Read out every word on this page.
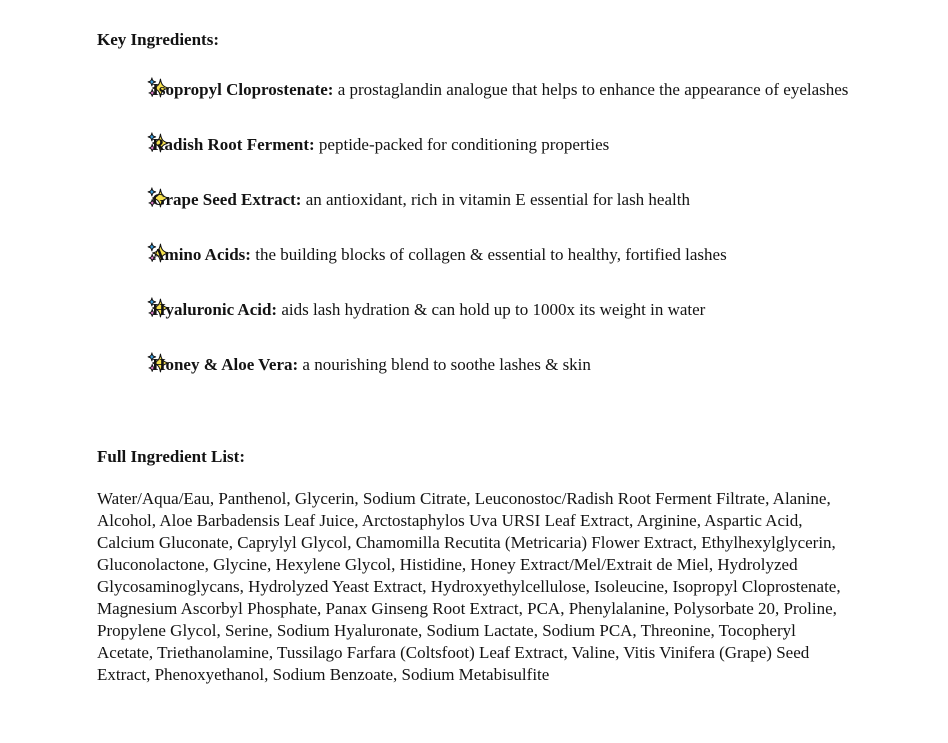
Key Ingredients:

Isopropyl Cloprostenate: a prostaglandin analogue that helps to enhance the appearance of eyelashes

Radish Root Ferment: peptide-packed for conditioning properties

Grape Seed Extract: an antioxidant, rich in vitamin E essential for lash health

Amino Acids: the building blocks of collagen & essential to healthy, fortified lashes

Hyaluronic Acid: aids lash hydration & can hold up to 1000x its weight in water

Honey & Aloe Vera: a nourishing blend to soothe lashes & skin

Full Ingredient List:

Water/Aqua/Eau, Panthenol, Glycerin, Sodium Citrate, Leuconostoc/Radish Root Ferment Filtrate, Alanine, Alcohol, Aloe Barbadensis Leaf Juice, Arctostaphylos Uva URSI Leaf Extract, Arginine, Aspartic Acid, Calcium Gluconate, Caprylyl Glycol, Chamomilla Recutita (Metricaria) Flower Extract, Ethylhexylglycerin, Gluconolactone, Glycine, Hexylene Glycol, Histidine, Honey Extract/Mel/Extrait de Miel, Hydrolyzed Glycosaminoglycans, Hydrolyzed Yeast Extract, Hydroxyethylcellulose, Isoleucine, Isopropyl Cloprostenate, Magnesium Ascorbyl Phosphate, Panax Ginseng Root Extract, PCA, Phenylalanine, Polysorbate 20, Proline, Propylene Glycol, Serine, Sodium Hyaluronate, Sodium Lactate, Sodium PCA, Threonine, Tocopheryl Acetate, Triethanolamine, Tussilago Farfara (Coltsfoot) Leaf Extract, Valine, Vitis Vinifera (Grape) Seed Extract, Phenoxyethanol, Sodium Benzoate, Sodium Metabisulfite
